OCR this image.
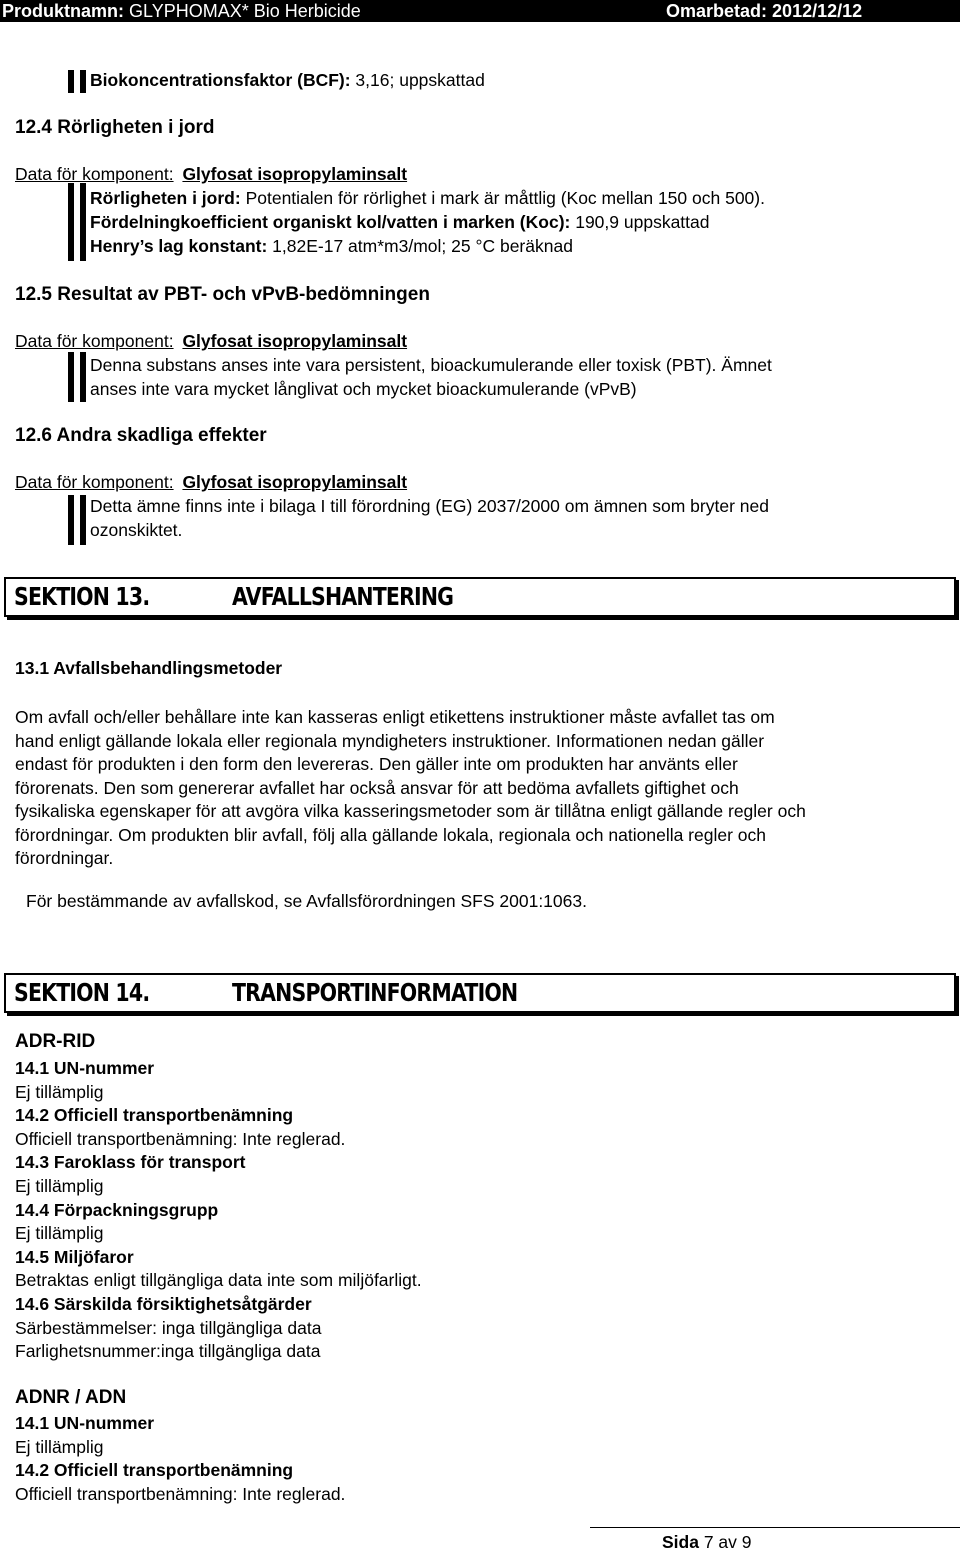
Produktnamn: GLYPHOMAX* Bio Herbicide	Omarbetad: 2012/12/12
Biokoncentrationsfaktor (BCF): 3,16; uppskattad
12.4 Rörligheten i jord
Data för komponent: Glyfosat isopropylaminsalt
Rörligheten i jord: Potentialen för rörlighet i mark är måttlig (Koc mellan 150 och 500).
Fördelningkoefficient organiskt kol/vatten i marken (Koc): 190,9 uppskattad
Henry’s lag konstant: 1,82E-17 atm*m3/mol; 25 °C beräknad
12.5 Resultat av PBT- och vPvB-bedömningen
Data för komponent: Glyfosat isopropylaminsalt
Denna substans anses inte vara persistent, bioackumulerande eller toxisk (PBT). Ämnet
anses inte vara mycket långlivat och mycket bioackumulerande (vPvB)
12.6 Andra skadliga effekter
Data för komponent: Glyfosat isopropylaminsalt
Detta ämne finns inte i bilaga I till förordning (EG) 2037/2000 om ämnen som bryter ned
ozonskiktet.
SEKTION 13.	AVFALLSHANTERING
13.1 Avfallsbehandlingsmetoder
Om avfall och/eller behållare inte kan kasseras enligt etikettens instruktioner måste avfallet tas om
hand enligt gällande lokala eller regionala myndigheters instruktioner. Informationen nedan gäller
endast för produkten i den form den levereras. Den gäller inte om produkten har använts eller
förorenats. Den som genererar avfallet har också ansvar för att bedöma avfallets giftighet och
fysikaliska egenskaper för att avgöra vilka kasseringsmetoder som är tillåtna enligt gällande regler och
förordningar. Om produkten blir avfall, följ alla gällande lokala, regionala och nationella regler och
förordningar.
För bestämmande av avfallskod, se Avfallsförordningen SFS 2001:1063.
SEKTION 14.	TRANSPORTINFORMATION
ADR-RID
14.1 UN-nummer
Ej tillämplig
14.2 Officiell transportbenämning
Officiell transportbenämning: Inte reglerad.
14.3 Faroklass för transport
Ej tillämplig
14.4 Förpackningsgrupp
Ej tillämplig
14.5 Miljöfaror
Betraktas enligt tillgängliga data inte som miljöfarligt.
14.6 Särskilda försiktighetsåtgärder
Särbestämmelser: inga tillgängliga data
Farlighetsnummer:inga tillgängliga data
ADNR / ADN
14.1 UN-nummer
Ej tillämplig
14.2 Officiell transportbenämning
Officiell transportbenämning: Inte reglerad.
Sida 7 av 9
